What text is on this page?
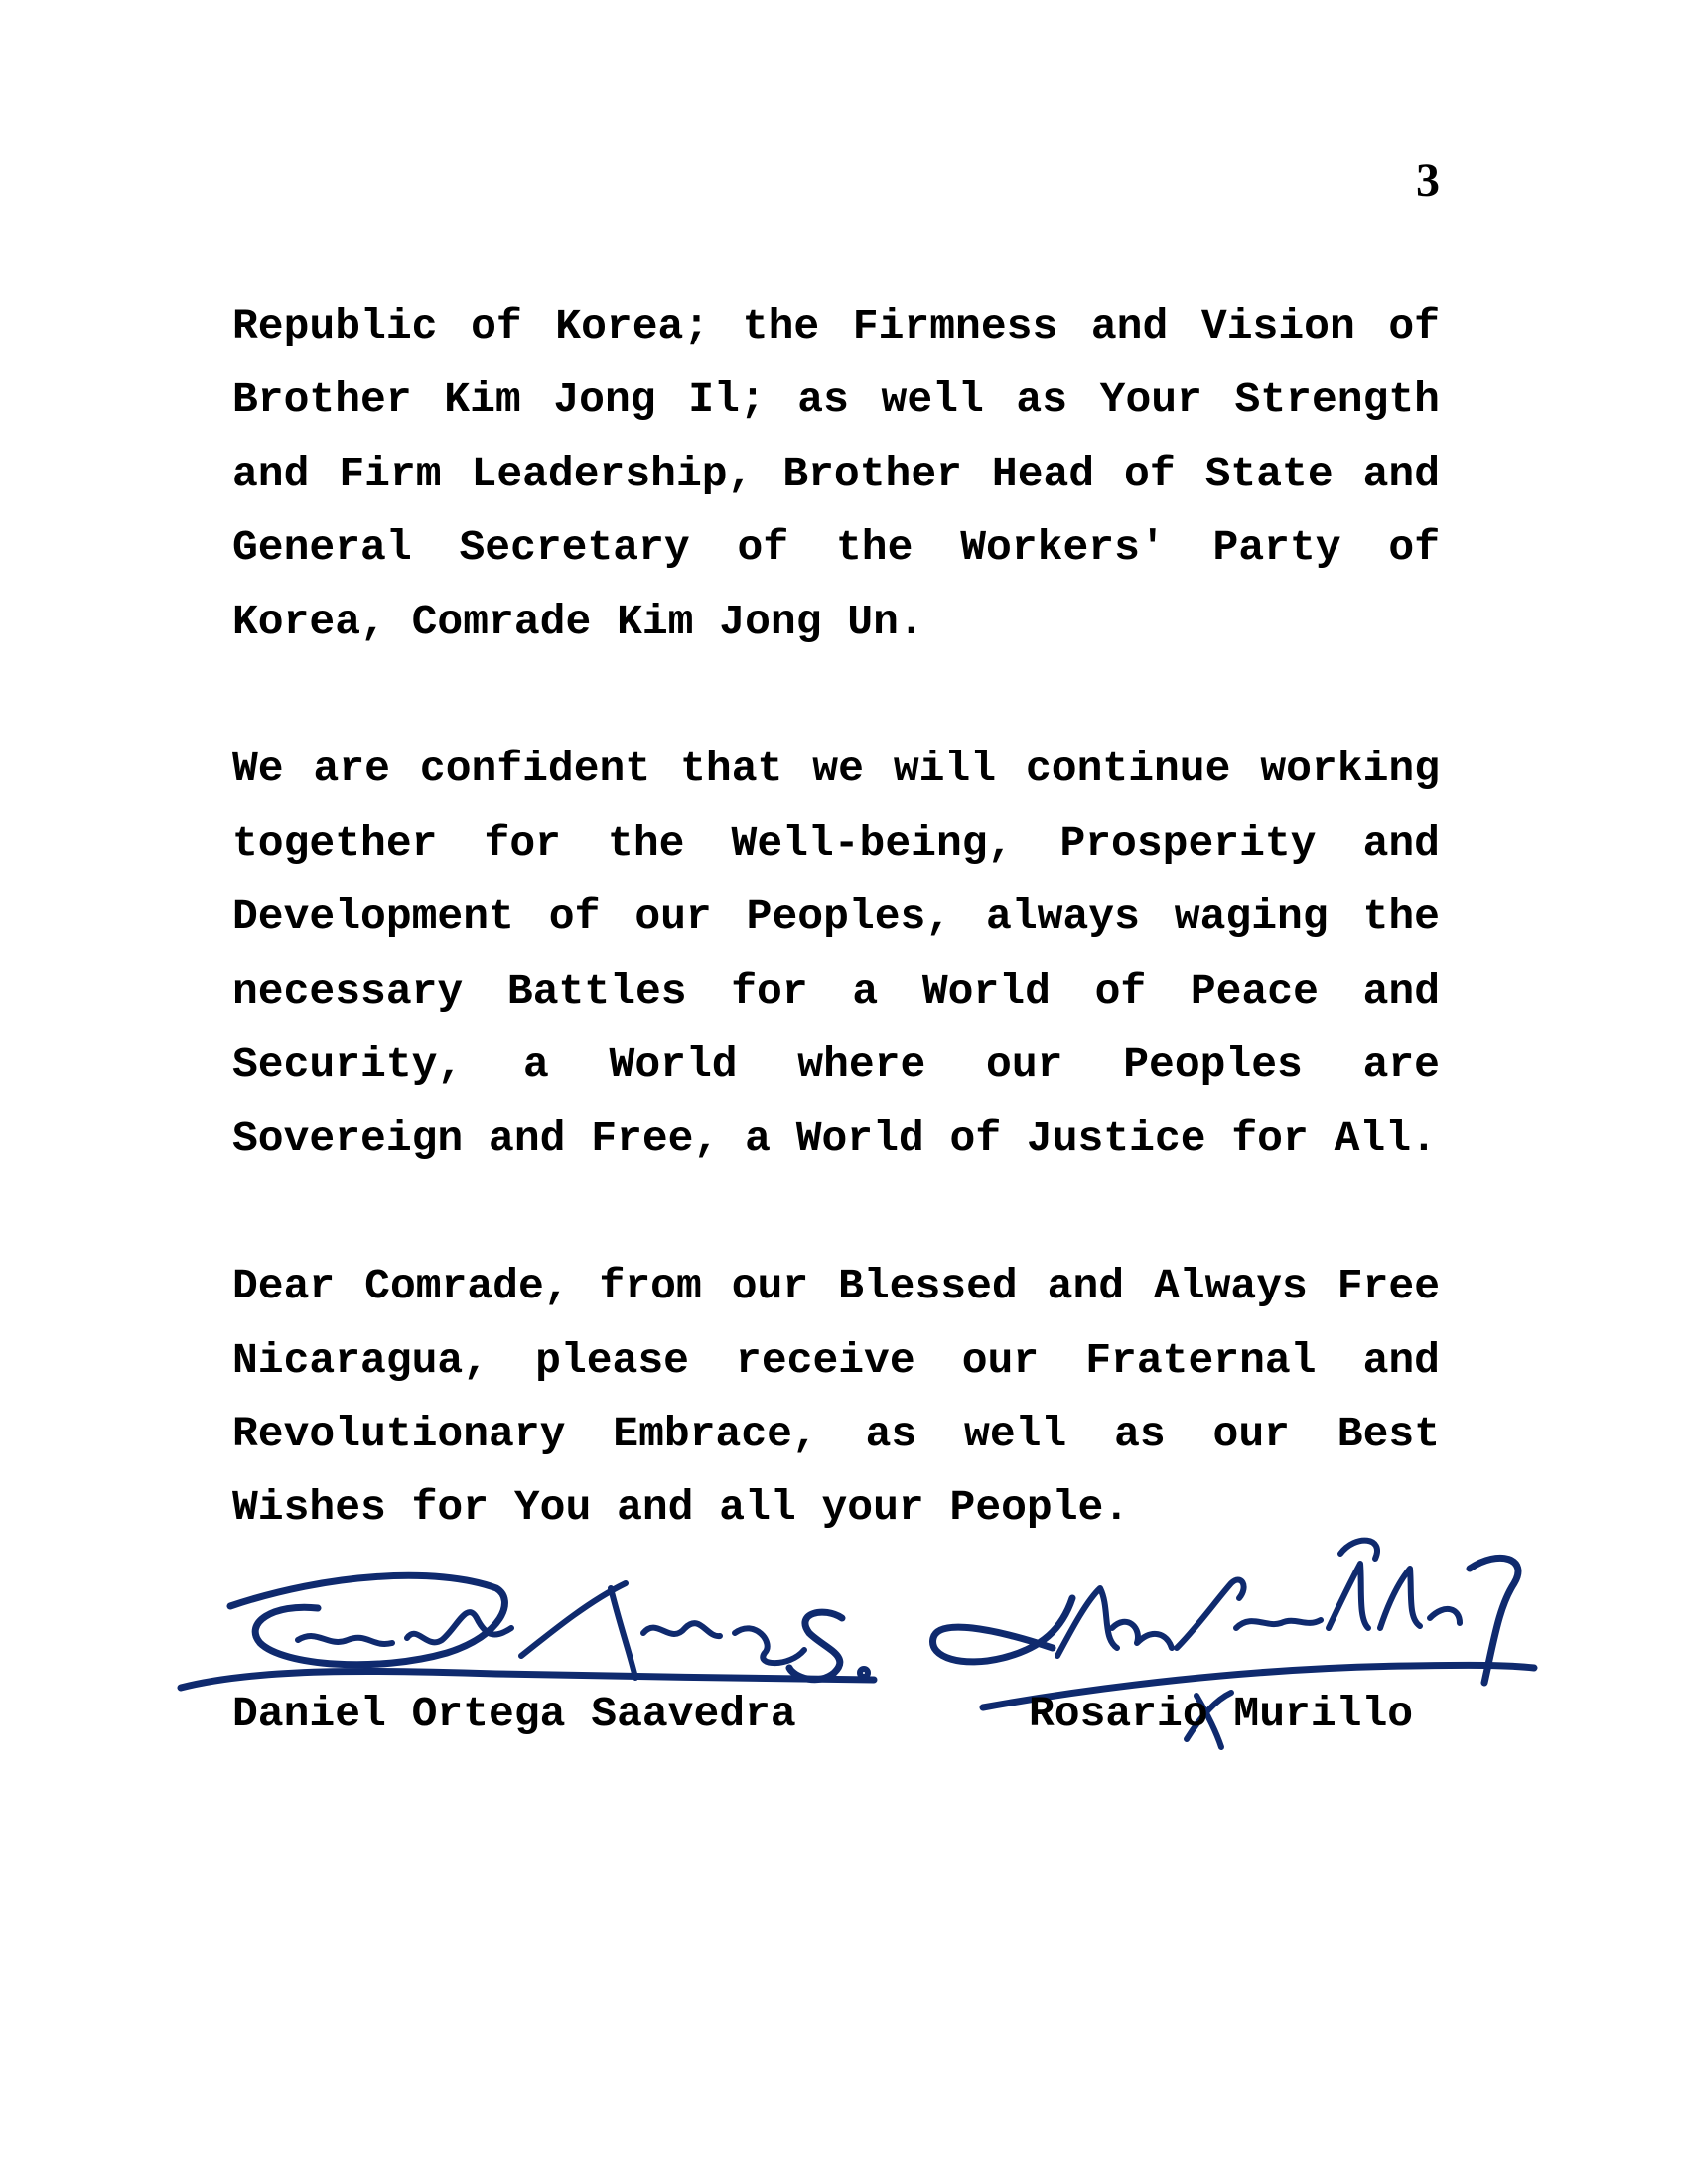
3

Republic of Korea; the Firmness and Vision of Brother Kim Jong Il; as well as Your Strength and Firm Leadership, Brother Head of State and General Secretary of the Workers' Party of Korea, Comrade Kim Jong Un.

We are confident that we will continue working together for the Well-being, Prosperity and Development of our Peoples, always waging the necessary Battles for a World of Peace and Security, a World where our Peoples are Sovereign and Free, a World of Justice for All.

Dear Comrade, from our Blessed and Always Free Nicaragua, please receive our Fraternal and Revolutionary Embrace, as well as our Best Wishes for You and all your People.

Daniel Ortega Saavedra	Rosario Murillo
